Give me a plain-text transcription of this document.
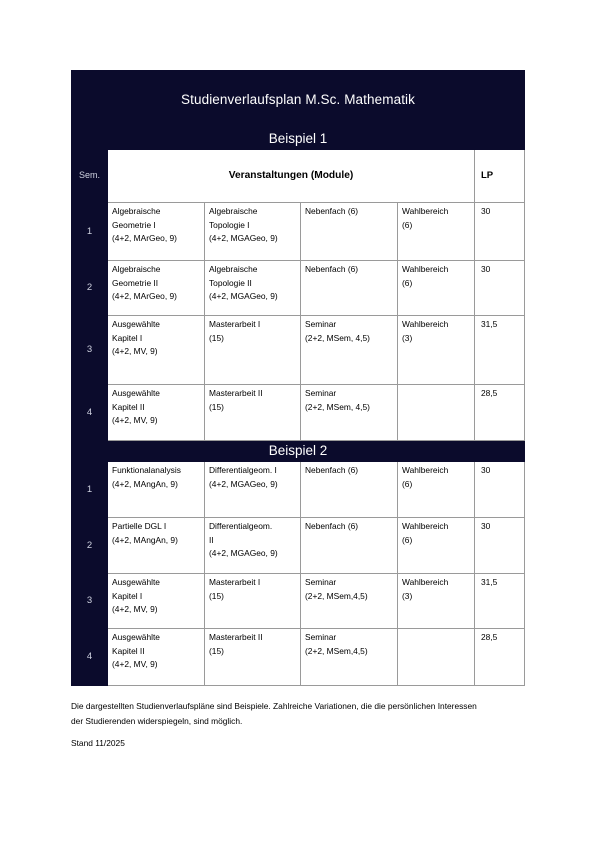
Studienverlaufsplan M.Sc. Mathematik					
Beispiel 1					
Sem.	Veranstaltungen (Module)				LP
1	Algebraische
Geometrie I
(4+2, MArGeo, 9)	Algebraische
Topologie I
(4+2, MGAGeo, 9)	Nebenfach (6)	Wahlbereich
(6)	30
2	Algebraische
Geometrie II
(4+2, MArGeo, 9)	Algebraische
Topologie II
(4+2, MGAGeo, 9)	Nebenfach (6)	Wahlbereich
(6)	30
3	Ausgewählte
Kapitel I
(4+2, MV, 9)	Masterarbeit I
(15)	Seminar
(2+2, MSem, 4,5)	Wahlbereich
(3)	31,5
4	Ausgewählte
Kapitel II
(4+2, MV, 9)	Masterarbeit II
(15)	Seminar
(2+2, MSem, 4,5)		28,5
Beispiel 2					
1	Funktionalanalysis
(4+2, MAngAn, 9)	Differentialgeom. I
(4+2, MGAGeo, 9)	Nebenfach (6)	Wahlbereich
(6)	30
2	Partielle DGL I
(4+2, MAngAn, 9)	Differentialgeom.
II
(4+2, MGAGeo, 9)	Nebenfach (6)	Wahlbereich
(6)	30
3	Ausgewählte
Kapitel I
(4+2, MV, 9)	Masterarbeit I
(15)	Seminar
(2+2, MSem,4,5)	Wahlbereich
(3)	31,5
4	Ausgewählte
Kapitel II
(4+2, MV, 9)	Masterarbeit II
(15)	Seminar
(2+2, MSem,4,5)		28,5
Die dargestellten Studienverlaufspläne sind Beispiele. Zahlreiche Variationen, die die persönlichen Interessen der Studierenden widerspiegeln, sind möglich.
Stand 11/2025
